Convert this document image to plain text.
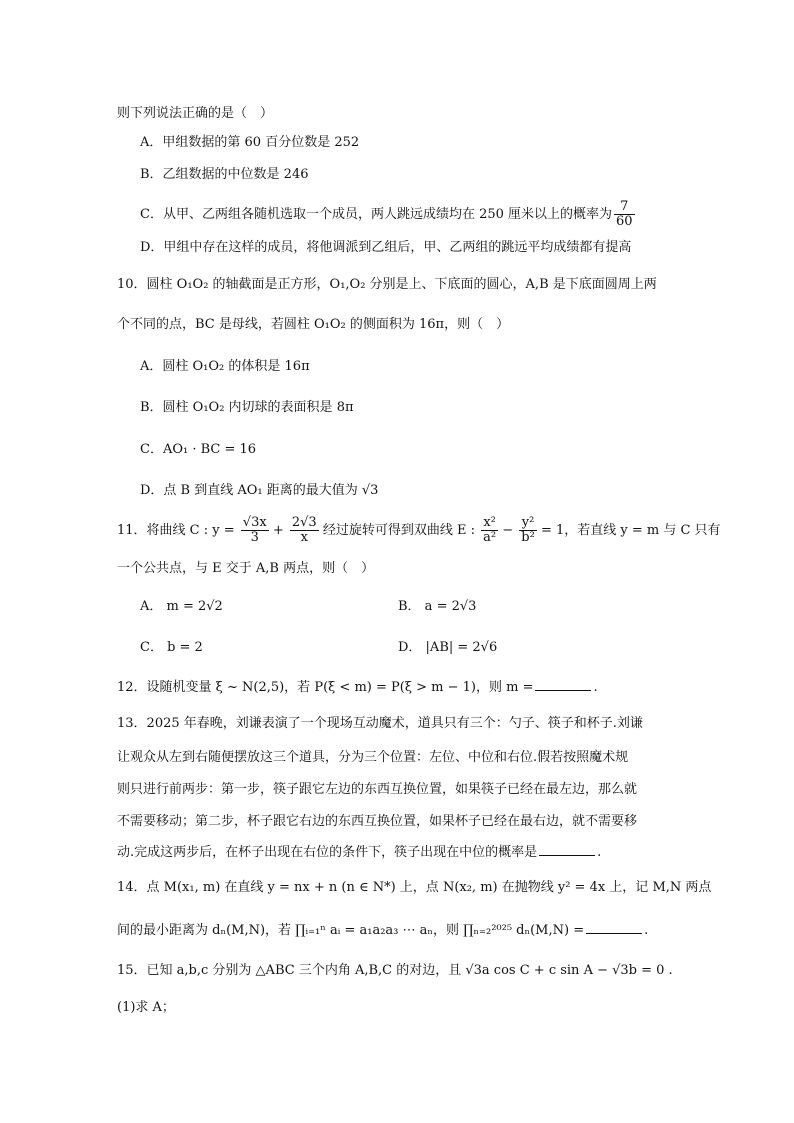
则下列说法正确的是（　）
A．甲组数据的第 60 百分位数是 252
B．乙组数据的中位数是 246
C．从甲、乙两组各随机选取一个成员，两人跳远成绩均在 250 厘米以上的概率为 $\frac{7}{60}$
D．甲组中存在这样的成员，将他调派到乙组后，甲、乙两组的跳远平均成绩都有提高
10．圆柱 O₁O₂ 的轴截面是正方形，O₁,O₂ 分别是上、下底面的圆心，A,B 是下底面圆周上两
个不同的点，BC 是母线，若圆柱 O₁O₂ 的侧面积为 16π，则（　）
A．圆柱 O₁O₂ 的体积是 16π
B．圆柱 O₁O₂ 内切球的表面积是 8π
C．AO₁ · BC = 16
D．点 B 到直线 AO₁ 距离的最大值为 √3
11．将曲线 C : $y = \frac{√3x}{3} + \frac{2√3}{x}$ 经过旋转可得到双曲线 E : $\frac{\text{x²}}{\text{a²}} - \frac{\text{y²}}{\text{b²}} = 1$，若直线 y = m 与 C 只有
一个公共点，与 E 交于 A,B 两点，则（　）
A． m = 2√2	B． a = 2√3
C． b = 2	D． |AB| = 2√6
12．设随机变量 ξ ~ N(2,5)，若 P(ξ < m) = P(ξ > m − 1)，则 m =	.
13．2025 年春晚，刘谦表演了一个现场互动魔术，道具只有三个：勺子、筷子和杯子.刘谦
让观众从左到右随便摆放这三个道具，分为三个位置：左位、中位和右位.假若按照魔术规
则只进行前两步：第一步，筷子跟它左边的东西互换位置，如果筷子已经在最左边，那么就
不需要移动；第二步，杯子跟它右边的东西互换位置，如果杯子已经在最右边，就不需要移
动.完成这两步后，在杯子出现在右位的条件下，筷子出现在中位的概率是	.
14．点 M(x₁, m) 在直线 y = nx + n (n ∈ N*) 上，点 N(x₂, m) 在抛物线 y² = 4x 上，记 M,N 两点
间的最小距离为 dₙ(M,N)，若 ∏ᵢ₌₁ⁿ aᵢ = a₁a₂a₃ ⋯ aₙ，则 ∏ₙ₌₂²⁰²⁵ dₙ(M,N) =	.
15．已知 a,b,c 分别为 △ABC 三个内角 A,B,C 的对边，且 √3a cos C + c sin A − √3b = 0 .
(1)求 A；
